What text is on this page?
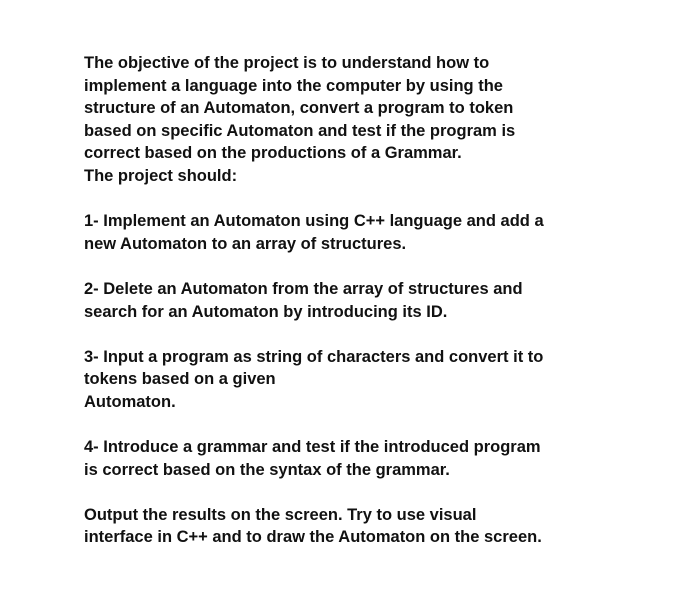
The objective of the project is to understand how to
implement a language into the computer by using the
structure of an Automaton, convert a program to token
based on specific Automaton and test if the program is
correct based on the productions of a Grammar.
The project should:

1- Implement an Automaton using C++ language and add a
new Automaton to an array of structures.

2- Delete an Automaton from the array of structures and
search for an Automaton by introducing its ID.

3- Input a program as string of characters and convert it to
tokens based on a given
Automaton.

4- Introduce a grammar and test if the introduced program
is correct based on the syntax of the grammar.

Output the results on the screen. Try to use visual
interface in C++ and to draw the Automaton on the screen.
